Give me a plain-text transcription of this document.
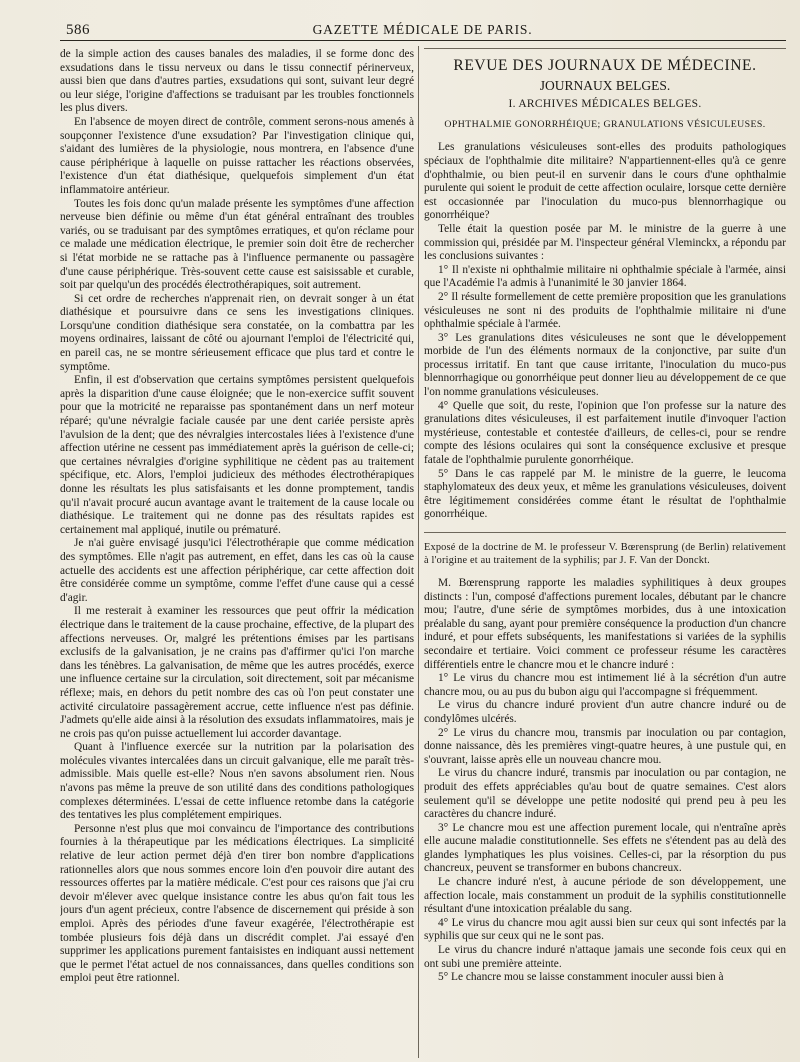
586	GAZETTE MÉDICALE DE PARIS.

de la simple action des causes banales des maladies, il se forme donc des exsudations dans le tissu nerveux ou dans le tissu connectif périnerveux, aussi bien que dans d'autres parties, exsudations qui sont, suivant leur degré ou leur siége, l'origine d'affections se traduisant par les troubles fonctionnels les plus divers.

En l'absence de moyen direct de contrôle, comment serons-nous amenés à soupçonner l'existence d'une exsudation? Par l'investigation clinique qui, s'aidant des lumières de la physiologie, nous montrera, en l'absence d'une cause périphérique à laquelle on puisse rattacher les réactions observées, l'existence d'un état diathésique, quelquefois simplement d'un état inflammatoire antérieur.

Toutes les fois donc qu'un malade présente les symptômes d'une affection nerveuse bien définie ou même d'un état général entraînant des troubles variés, ou se traduisant par des symptômes erratiques, et qu'on réclame pour ce malade une médication électrique, le premier soin doit être de rechercher si l'état morbide ne se rattache pas à l'influence permanente ou passagère d'une cause périphérique. Très-souvent cette cause est saisissable et curable, soit par quelqu'un des procédés électrothérapiques, soit autrement.

Si cet ordre de recherches n'apprenait rien, on devrait songer à un état diathésique et poursuivre dans ce sens les investigations cliniques. Lorsqu'une condition diathésique sera constatée, on la combattra par les moyens ordinaires, laissant de côté ou ajournant l'emploi de l'électricité qui, en pareil cas, ne se montre sérieusement efficace que plus tard et contre le symptôme.

Enfin, il est d'observation que certains symptômes persistent quelquefois après la disparition d'une cause éloignée; que le non-exercice suffit souvent pour que la motricité ne reparaisse pas spontanément dans un nerf moteur réparé; qu'une névralgie faciale causée par une dent cariée persiste après l'avulsion de la dent; que des névralgies intercostales liées à l'existence d'une affection utérine ne cessent pas immédiatement après la guérison de celle-ci; que certaines névralgies d'origine syphilitique ne cèdent pas au traitement spécifique, etc. Alors, l'emploi judicieux des méthodes électrothérapiques donne les résultats les plus satisfaisants et les donne promptement, tandis qu'il n'avait procuré aucun avantage avant le traitement de la cause locale ou diathésique. Le traitement qui ne donne pas des résultats rapides est certainement mal appliqué, inutile ou prématuré.

Je n'ai guère envisagé jusqu'ici l'électrothérapie que comme médication des symptômes. Elle n'agit pas autrement, en effet, dans les cas où la cause actuelle des accidents est une affection périphérique, car cette affection doit être considérée comme un symptôme, comme l'effet d'une cause qui a cessé d'agir.

Il me resterait à examiner les ressources que peut offrir la médication électrique dans le traitement de la cause prochaine, effective, de la plupart des affections nerveuses. Or, malgré les prétentions émises par les partisans exclusifs de la galvanisation, je ne crains pas d'affirmer qu'ici l'on marche dans les ténèbres. La galvanisation, de même que les autres procédés, exerce une influence certaine sur la circulation, soit directement, soit par mécanisme réflexe; mais, en dehors du petit nombre des cas où l'on peut constater une activité circulatoire passagèrement accrue, cette influence n'est pas définie. J'admets qu'elle aide ainsi à la résolution des exsudats inflammatoires, mais je ne crois pas qu'on puisse actuellement lui accorder davantage.

Quant à l'influence exercée sur la nutrition par la polarisation des molécules vivantes intercalées dans un circuit galvanique, elle me paraît très-admissible. Mais quelle est-elle? Nous n'en savons absolument rien. Nous n'avons pas même la preuve de son utilité dans des conditions pathologiques complexes déterminées. L'essai de cette influence retombe dans la catégorie des tentatives les plus complétement empiriques.

Personne n'est plus que moi convaincu de l'importance des contributions fournies à la thérapeutique par les médications électriques. La simplicité relative de leur action permet déjà d'en tirer bon nombre d'applications rationnelles alors que nous sommes encore loin d'en pouvoir dire autant des ressources offertes par la matière médicale. C'est pour ces raisons que j'ai cru devoir m'élever avec quelque insistance contre les abus qu'on fait tous les jours d'un agent précieux, contre l'absence de discernement qui préside à son emploi. Après des périodes d'une faveur exagérée, l'électrothérapie est tombée plusieurs fois déjà dans un discrédit complet. J'ai essayé d'en supprimer les applications purement fantaisistes en indiquant aussi nettement que le permet l'état actuel de nos connaissances, dans quelles conditions son emploi peut être rationnel.

REVUE DES JOURNAUX DE MÉDECINE.
JOURNAUX BELGES.
I. ARCHIVES MÉDICALES BELGES.
OPHTHALMIE GONORRHÉIQUE; GRANULATIONS VÉSICULEUSES.

Les granulations vésiculeuses sont-elles des produits pathologiques spéciaux de l'ophthalmie dite militaire? N'appartiennent-elles qu'à ce genre d'ophthalmie, ou bien peut-il en survenir dans le cours d'une ophthalmie purulente qui soient le produit de cette affection oculaire, lorsque cette dernière est occasionnée par l'inoculation du muco-pus blennorrhagique ou gonorrhéique?

Telle était la question posée par M. le ministre de la guerre à une commission qui, présidée par M. l'inspecteur général Vleminckx, a répondu par les conclusions suivantes :

1° Il n'existe ni ophthalmie militaire ni ophthalmie spéciale à l'armée, ainsi que l'Académie l'a admis à l'unanimité le 30 janvier 1864.

2° Il résulte formellement de cette première proposition que les granulations vésiculeuses ne sont ni des produits de l'ophthalmie militaire ni d'une ophthalmie spéciale à l'armée.

3° Les granulations dites vésiculeuses ne sont que le développement morbide de l'un des éléments normaux de la conjonctive, par suite d'un processus irritatif. En tant que cause irritante, l'inoculation du muco-pus blennorrhagique ou gonorrhéique peut donner lieu au développement de ce que l'on nomme granulations vésiculeuses.

4° Quelle que soit, du reste, l'opinion que l'on professe sur la nature des granulations dites vésiculeuses, il est parfaitement inutile d'invoquer l'action mystérieuse, contestable et contestée d'ailleurs, de celles-ci, pour se rendre compte des lésions oculaires qui sont la conséquence exclusive et presque fatale de l'ophthalmie purulente gonorrhéique.

5° Dans le cas rappelé par M. le ministre de la guerre, le leucoma staphylomateux des deux yeux, et même les granulations vésiculeuses, doivent être légitimement considérées comme étant le résultat de l'ophthalmie gonorrhéique.

Exposé de la doctrine de M. le professeur V. Bœrensprung (de Berlin) relativement à l'origine et au traitement de la syphilis; par J. F. Van der Donckt.

M. Bœrensprung rapporte les maladies syphilitiques à deux groupes distincts : l'un, composé d'affections purement locales, débutant par le chancre mou; l'autre, d'une série de symptômes morbides, dus à une intoxication préalable du sang, ayant pour première conséquence la production d'un chancre induré, et pour effets subséquents, les manifestations si variées de la syphilis secondaire et tertiaire. Voici comment ce professeur résume les caractères différentiels entre le chancre mou et le chancre induré :

1° Le virus du chancre mou est intimement lié à la sécrétion d'un autre chancre mou, ou au pus du bubon aigu qui l'accompagne si fréquemment.

Le virus du chancre induré provient d'un autre chancre induré ou de condylômes ulcérés.

2° Le virus du chancre mou, transmis par inoculation ou par contagion, donne naissance, dès les premières vingt-quatre heures, à une pustule qui, en s'ouvrant, laisse après elle un nouveau chancre mou.

Le virus du chancre induré, transmis par inoculation ou par contagion, ne produit des effets appréciables qu'au bout de quatre semaines. C'est alors seulement qu'il se développe une petite nodosité qui prend peu à peu les caractères du chancre induré.

3° Le chancre mou est une affection purement locale, qui n'entraîne après elle aucune maladie constitutionnelle. Ses effets ne s'étendent pas au delà des glandes lymphatiques les plus voisines. Celles-ci, par la résorption du pus chancreux, peuvent se transformer en bubons chancreux.

Le chancre induré n'est, à aucune période de son développement, une affection locale, mais constamment un produit de la syphilis constitutionnelle résultant d'une intoxication préalable du sang.

4° Le virus du chancre mou agit aussi bien sur ceux qui sont infectés par la syphilis que sur ceux qui ne le sont pas.

Le virus du chancre induré n'attaque jamais une seconde fois ceux qui en ont subi une première atteinte.

5° Le chancre mou se laisse constamment inoculer aussi bien à
